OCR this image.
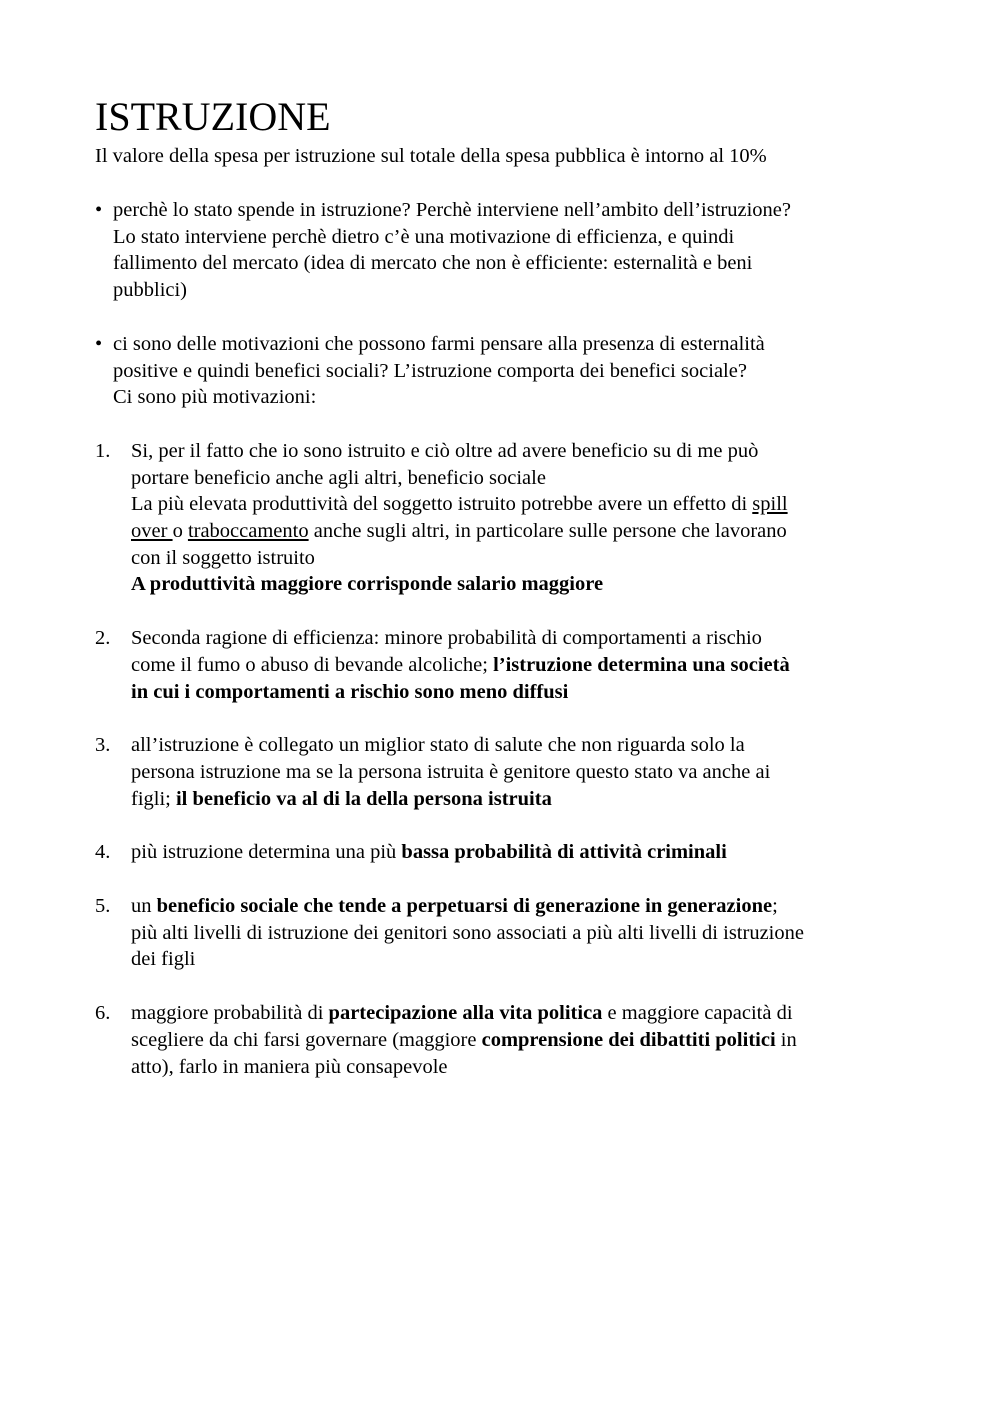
ISTRUZIONE

Il valore della spesa per istruzione sul totale della spesa pubblica è intorno al 10%

• perchè lo stato spende in istruzione? Perchè interviene nell’ambito dell’istruzione?
Lo stato interviene perchè dietro c’è una motivazione di efficienza, e quindi
fallimento del mercato (idea di mercato che non è efficiente: esternalità e beni
pubblici)
• ci sono delle motivazioni che possono farmi pensare alla presenza di esternalità
positive e quindi benefici sociali? L’istruzione comporta dei benefici sociale?
Ci sono più motivazioni:
1. Si, per il fatto che io sono istruito e ciò oltre ad avere beneficio su di me può
portare beneficio anche agli altri, beneficio sociale
La più elevata produttività del soggetto istruito potrebbe avere un effetto di spill
over o traboccamento anche sugli altri, in particolare sulle persone che lavorano
con il soggetto istruito
A produttività maggiore corrisponde salario maggiore
2. Seconda ragione di efficienza: minore probabilità di comportamenti a rischio
come il fumo o abuso di bevande alcoliche; l’istruzione determina una società
in cui i comportamenti a rischio sono meno diffusi
3. all’istruzione è collegato un miglior stato di salute che non riguarda solo la
persona istruzione ma se la persona istruita è genitore questo stato va anche ai
figli; il beneficio va al di la della persona istruita
4. più istruzione determina una più bassa probabilità di attività criminali
5. un beneficio sociale che tende a perpetuarsi di generazione in generazione;
più alti livelli di istruzione dei genitori sono associati a più alti livelli di istruzione
dei figli
6. maggiore probabilità di partecipazione alla vita politica e maggiore capacità di
scegliere da chi farsi governare (maggiore comprensione dei dibattiti politici in
atto), farlo in maniera più consapevole
